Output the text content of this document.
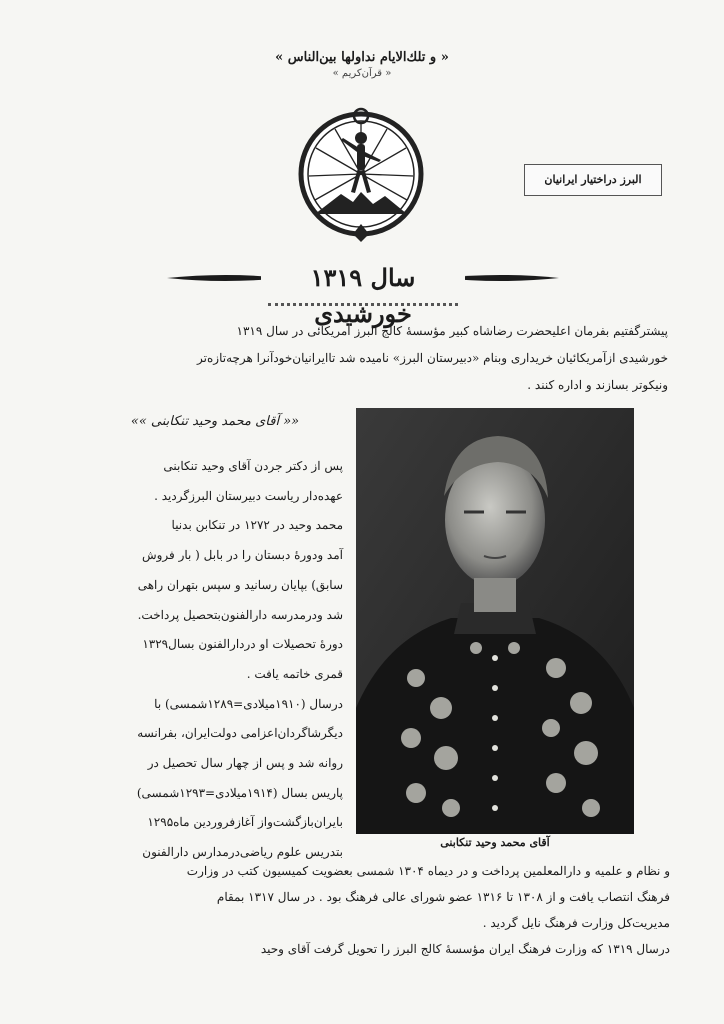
« و تلك‌الايام نداولها بين‌الناس »
« قرآن‌کریم »
البرز دراختیار ایرانیان
سال ۱۳۱۹ خورشیدی
پیشترگفتیم بفرمان اعلیحضرت رضاشاه کبیر مؤسسهٔ کالج البرز آمریکائی در سال ۱۳۱۹
خورشیدی ازآمریکائیان خریداری وبنام «دبیرستان البرز» نامیده شد تاایرانیان‌خودآنرا هرچه‌تازه‌تر
ونیکوتر بسازند و اداره کنند .
«« آقای محمد وحید تنکابنی »»
پس از دکتر جردن آقای وحید تنکابنی
عهده‌دار ریاست دبیرستان البرزگردید .
محمد وحید در ۱۲۷۲ در تنکابن بدنیا
آمد ودورهٔ دبستان را در بابل ( بار فروش
سابق) بپایان رسانید و سپس بتهران راهی
شد ودرمدرسه دارالفنون‌بتحصیل پرداخت.
دورهٔ تحصیلات او دردارالفنون بسال۱۳۲۹
قمری خاتمه یافت .
درسال (۱۹۱۰میلادی=۱۲۸۹شمسی) با
دیگرشاگردان‌اعزامی دولت‌ایران، بفرانسه
روانه شد و پس از چهار سال تحصیل در
پاریس بسال (۱۹۱۴میلادی=۱۲۹۳شمسی)
بایران‌بازگشت‌واز آغازفروردین ماه۱۲۹۵
بتدریس علوم ریاضی‌درمدارس دارالفنون
آقای محمد وحید تنکابنی
و نظام و علمیه و دارالمعلمین پرداخت و در دیماه ۱۳۰۴ شمسی بعضویت کمیسیون کتب در وزارت
فرهنگ انتصاب یافت و از ۱۳۰۸ تا ۱۳۱۶ عضو شورای عالی فرهنگ بود . در سال ۱۳۱۷ بمقام
مدیریت‌کل وزارت فرهنگ نایل گردید .
درسال ۱۳۱۹ که وزارت فرهنگ ایران مؤسسهٔ کالج البرز را تحویل گرفت آقای وحید
